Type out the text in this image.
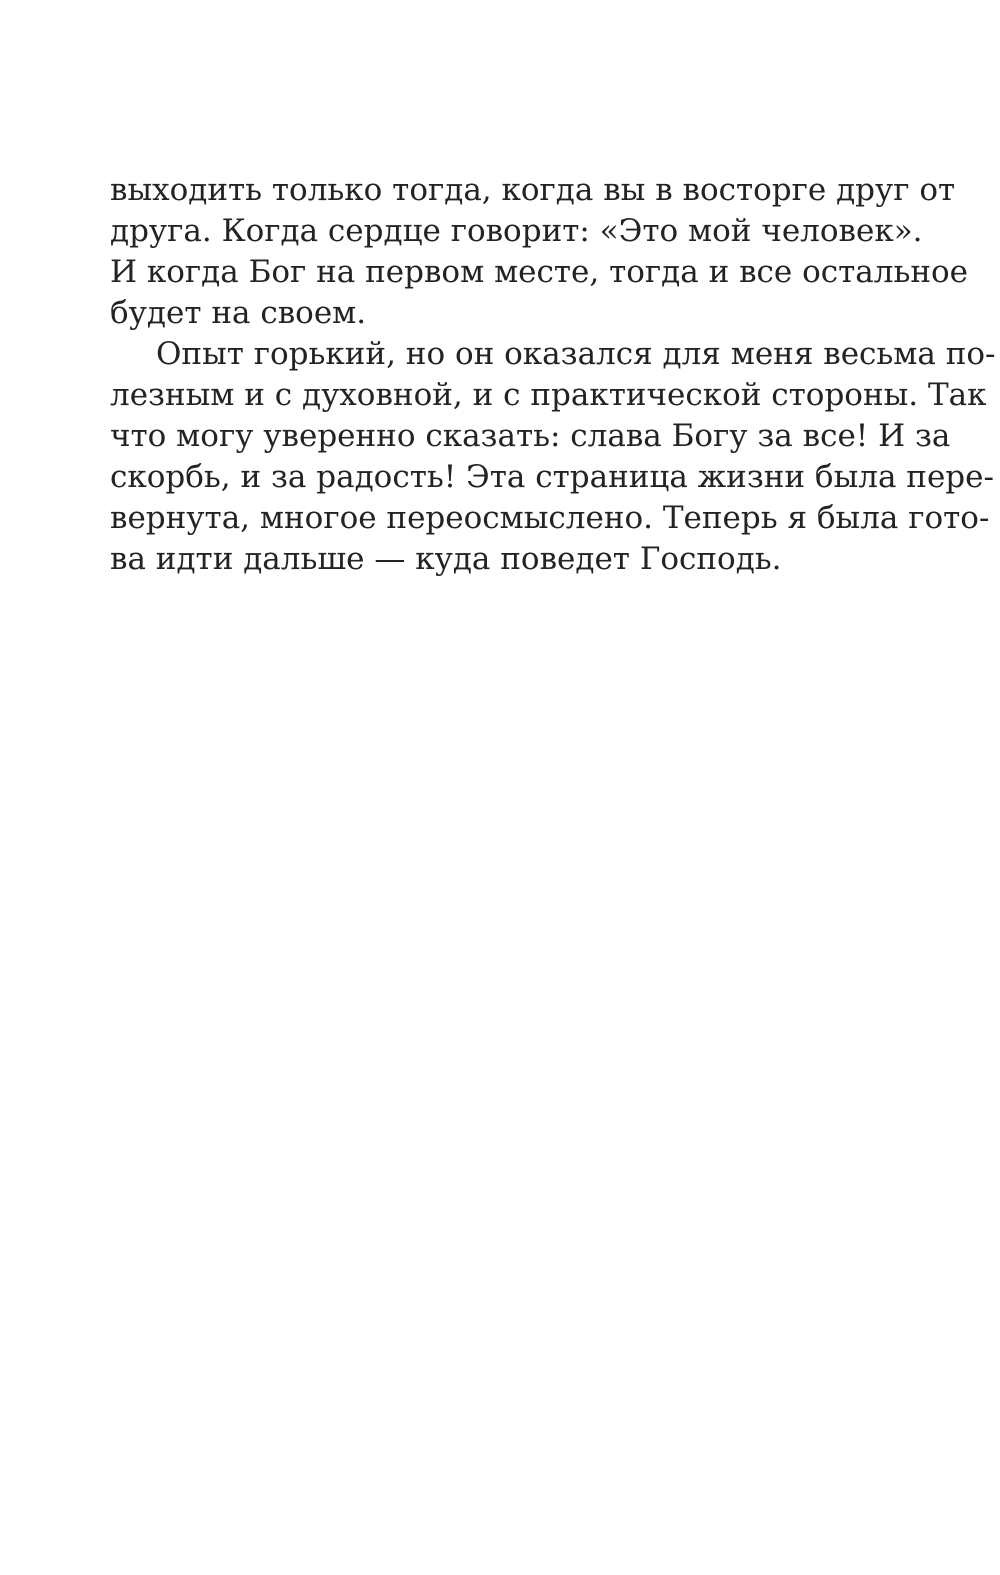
выходить только тогда, когда вы в восторге друг от
друга. Когда сердце говорит: «Это мой человек».
И когда Бог на первом месте, тогда и все остальное
будет на своем.
Опыт горький, но он оказался для меня весьма по-
лезным и с духовной, и с практической стороны. Так
что могу уверенно сказать: слава Богу за все! И за
скорбь, и за радость! Эта страница жизни была пере-
вернута, многое переосмыслено. Теперь я была гото-
ва идти дальше — куда поведет Господь.
